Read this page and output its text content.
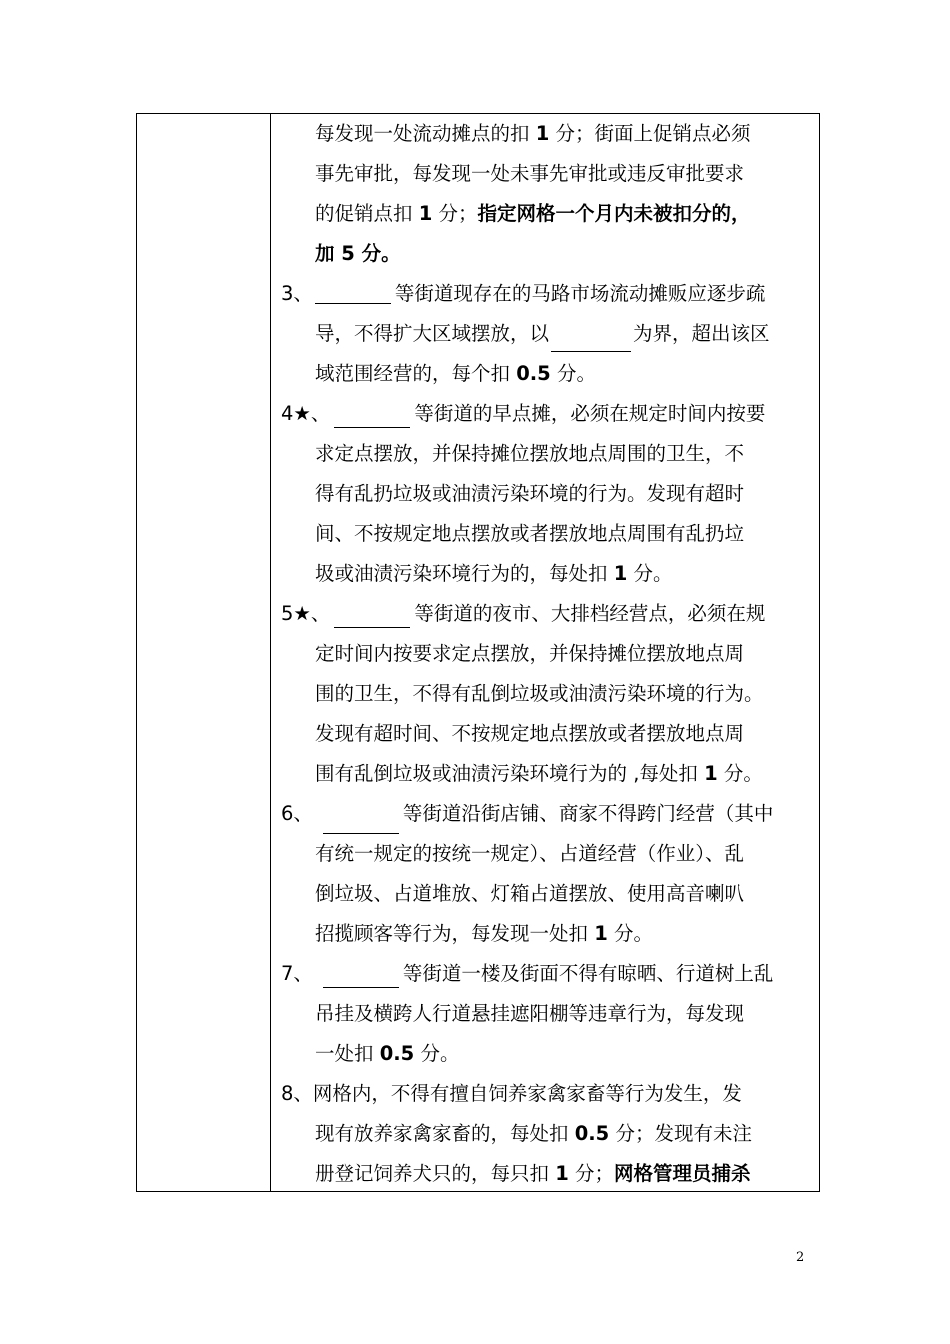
每发现一处流动摊点的扣 1 分；街面上促销点必须
事先审批，每发现一处未事先审批或违反审批要求
的促销点扣 1 分；指定网格一个月内未被扣分的，
加 5 分。
3、	等街道现存在的马路市场流动摊贩应逐步疏
导，不得扩大区域摆放，以	为界，超出该区
域范围经营的，每个扣 0.5 分。
4★、	等街道的早点摊，必须在规定时间内按要
求定点摆放，并保持摊位摆放地点周围的卫生，不
得有乱扔垃圾或油渍污染环境的行为。发现有超时
间、不按规定地点摆放或者摆放地点周围有乱扔垃
圾或油渍污染环境行为的，每处扣 1 分。
5★、	等街道的夜市、大排档经营点，必须在规
定时间内按要求定点摆放，并保持摊位摆放地点周
围的卫生，不得有乱倒垃圾或油渍污染环境的行为。
发现有超时间、不按规定地点摆放或者摆放地点周
围有乱倒垃圾或油渍污染环境行为的 ,每处扣 1 分。
6、	等街道沿街店铺、商家不得跨门经营（其中
有统一规定的按统一规定）、占道经营（作业）、乱
倒垃圾、占道堆放、灯箱占道摆放、使用高音喇叭
招揽顾客等行为，每发现一处扣 1 分。
7、	等街道一楼及街面不得有晾晒、行道树上乱
吊挂及横跨人行道悬挂遮阳棚等违章行为，每发现
一处扣 0.5 分。
8、网格内，不得有擅自饲养家禽家畜等行为发生，发
现有放养家禽家畜的，每处扣 0.5 分；发现有未注
册登记饲养犬只的，每只扣 1 分；网格管理员捕杀
2
